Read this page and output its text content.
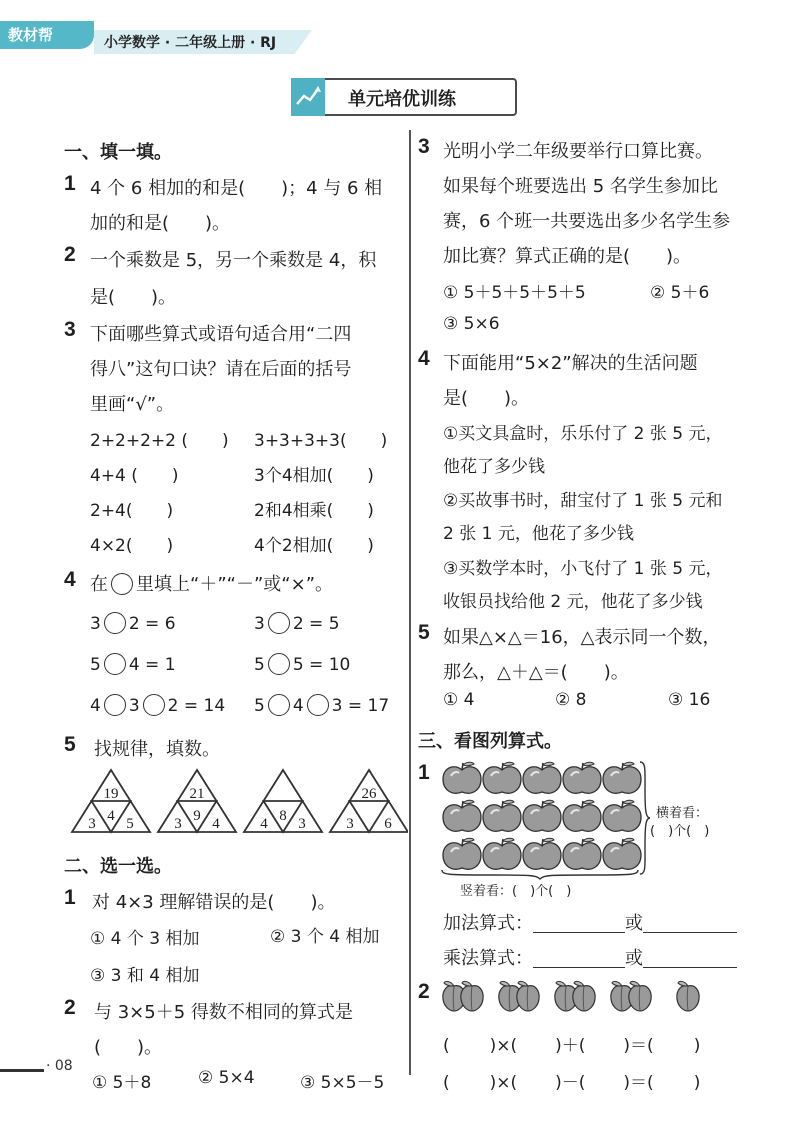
教材帮	小学数学 · 二年级上册 · RJ
单元培优训练
一、填一填。
1 4 个 6 相加的和是(　　)；4 与 6 相
加的和是(　　)。
2 一个乘数是 5，另一个乘数是 4，积
是(　　)。
3 下面哪些算式或语句适合用“二四
得八”这句口诀？请在后面的括号
里画“√”。
2+2+2+2 (　　) 3+3+3+3(　　)
4+4 (　　)	3个4相加(　　)
2+4(　　)	2和4相乘(　　)
4×2(　　)	4个2相加(　　)
4 在 里填上“＋”“－”或“×”。
3 2 = 6	3 2 = 5
5 4 = 1	5 5 = 10
4 3 2 = 14 5 4 3 = 17
5 找规律，填数。
19
4
3 5
21
9
3 4	8
4 3
26
3 6
二、选一选。
1 对 4×3 理解错误的是(　　)。
① 4 个 3 相加	② 3 个 4 相加
③ 3 和 4 相加
2 与 3×5＋5 得数不相同的算式是
(　　)。
① 5＋8	② 5×4	③ 5×5－5
3 光明小学二年级要举行口算比赛。
如果每个班要选出 5 名学生参加比
赛，6 个班一共要选出多少名学生参
加比赛？算式正确的是(　　)。
① 5＋5＋5＋5＋5	② 5＋6
③ 5×6
4 下面能用“5×2”解决的生活问题
是(　　)。
①买文具盒时，乐乐付了 2 张 5 元，
他花了多少钱
②买故事书时，甜宝付了 1 张 5 元和
2 张 1 元，他花了多少钱
③买数学本时，小飞付了 1 张 5 元，
收银员找给他 2 元，他花了多少钱
5 如果△×△＝16，△表示同一个数，
那么，△＋△＝(　　)。
① 4	② 8	③ 16
三、看图列算式。
1
横着看：
(　)个(　)
竖着看：(　)个(　)
加法算式：	或
乘法算式：	或
2
( )×( )＋( )＝( )
( )×( )－( )＝( )
· 08
